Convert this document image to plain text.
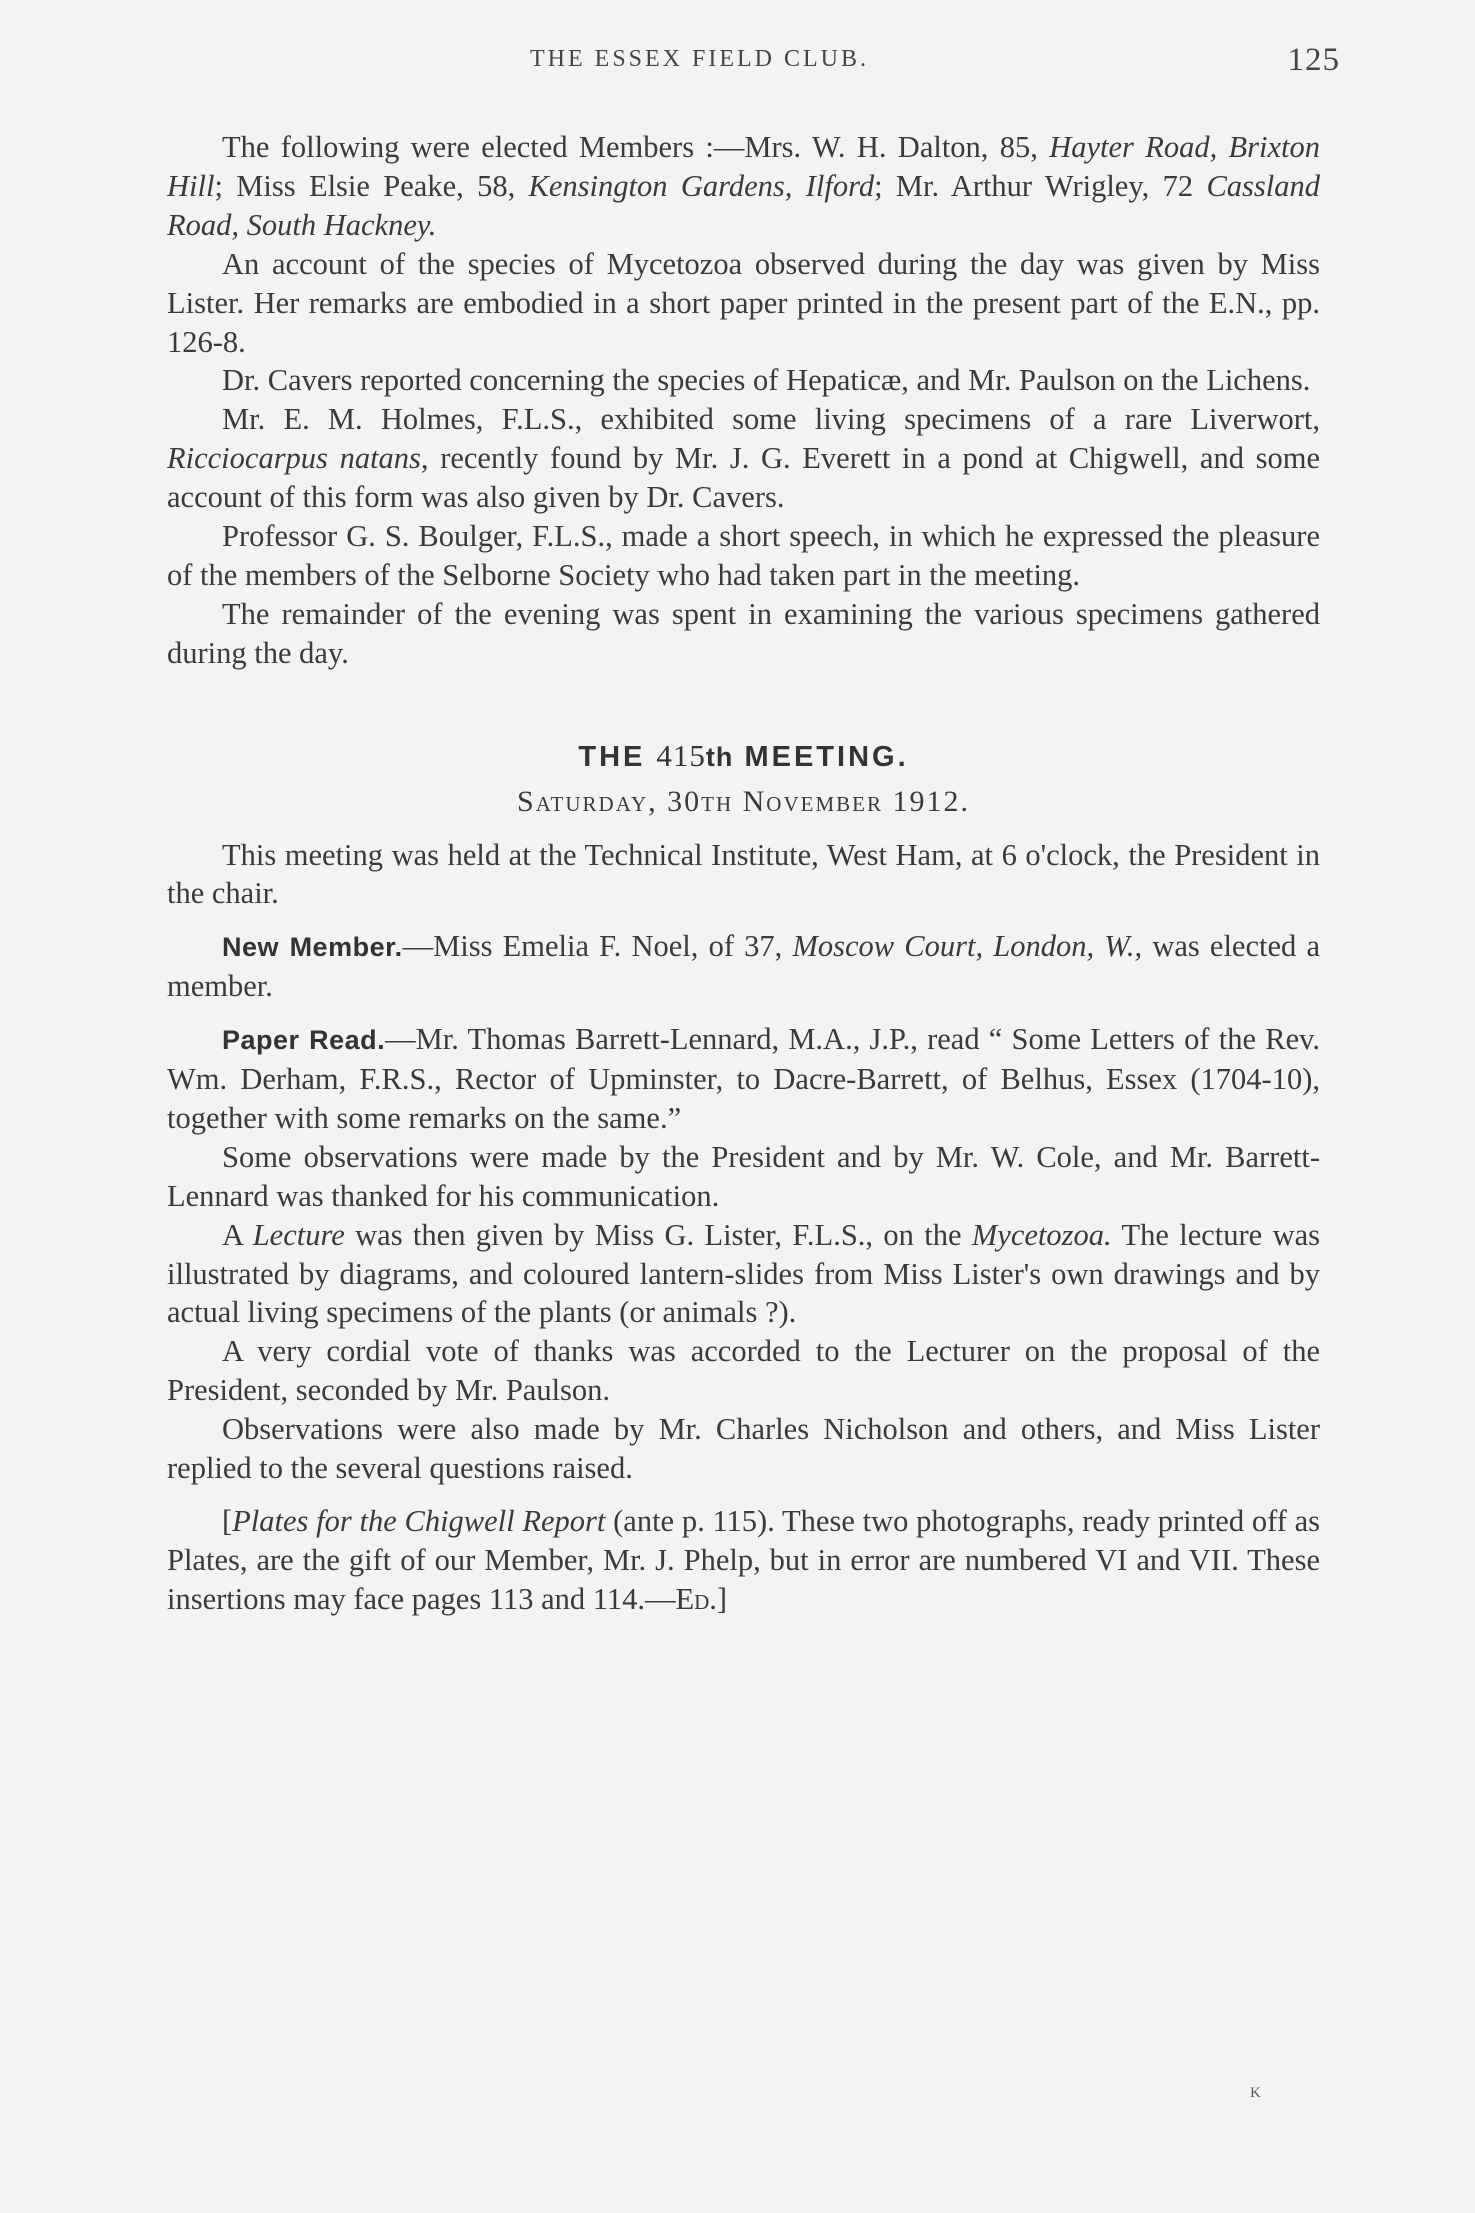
THE ESSEX FIELD CLUB.	125

The following were elected Members :—Mrs. W. H. Dalton, 85, Hayter Road, Brixton Hill; Miss Elsie Peake, 58, Kensington Gardens, Ilford; Mr. Arthur Wrigley, 72 Cassland Road, South Hackney.

An account of the species of Mycetozoa observed during the day was given by Miss Lister. Her remarks are embodied in a short paper printed in the present part of the E.N., pp. 126-8.

Dr. Cavers reported concerning the species of Hepaticæ, and Mr. Paulson on the Lichens.

Mr. E. M. Holmes, F.L.S., exhibited some living specimens of a rare Liverwort, Ricciocarpus natans, recently found by Mr. J. G. Everett in a pond at Chigwell, and some account of this form was also given by Dr. Cavers.

Professor G. S. Boulger, F.L.S., made a short speech, in which he expressed the pleasure of the members of the Selborne Society who had taken part in the meeting.

The remainder of the evening was spent in examining the various specimens gathered during the day.

THE 415th MEETING.

Saturday, 30th November 1912.

This meeting was held at the Technical Institute, West Ham, at 6 o'clock, the President in the chair.

New Member.—Miss Emelia F. Noel, of 37, Moscow Court, London, W., was elected a member.

Paper Read.—Mr. Thomas Barrett-Lennard, M.A., J.P., read “ Some Letters of the Rev. Wm. Derham, F.R.S., Rector of Upminster, to Dacre-Barrett, of Belhus, Essex (1704-10), together with some remarks on the same.”

Some observations were made by the President and by Mr. W. Cole, and Mr. Barrett-Lennard was thanked for his communication.

A Lecture was then given by Miss G. Lister, F.L.S., on the Mycetozoa. The lecture was illustrated by diagrams, and coloured lantern-slides from Miss Lister's own drawings and by actual living specimens of the plants (or animals ?).

A very cordial vote of thanks was accorded to the Lecturer on the proposal of the President, seconded by Mr. Paulson.

Observations were also made by Mr. Charles Nicholson and others, and Miss Lister replied to the several questions raised.

[Plates for the Chigwell Report (ante p. 115). These two photographs, ready printed off as Plates, are the gift of our Member, Mr. J. Phelp, but in error are numbered VI and VII. These insertions may face pages 113 and 114.—Ed.]

K
